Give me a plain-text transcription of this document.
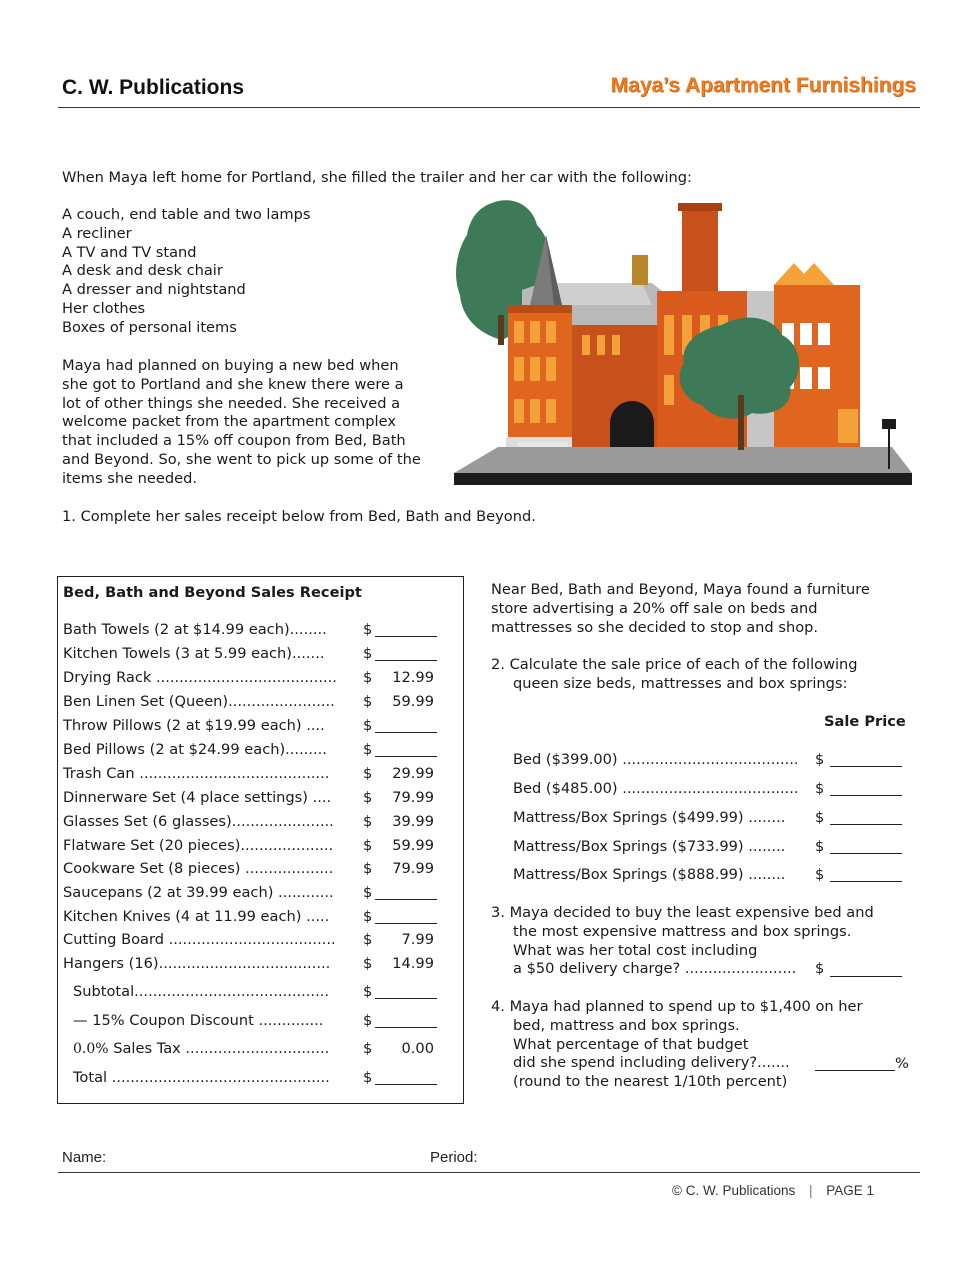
C. W. Publications	Maya’s Apartment Furnishings
When Maya left home for Portland, she filled the trailer and her car with the following:
A couch, end table and two lamps
A recliner
A TV and TV stand
A desk and desk chair
A dresser and nightstand
Her clothes
Boxes of personal items
Maya had planned on buying a new bed when
she got to Portland and she knew there were a
lot of other things she needed. She received a
welcome packet from the apartment complex
that included a 15% off coupon from Bed, Bath
and Beyond. So, she went to pick up some of the
items she needed.
1. Complete her sales receipt below from Bed, Bath and Beyond.
Bed, Bath and Beyond Sales Receipt
Bath Towels (2 at $14.99 each)........ $
Kitchen Towels (3 at 5.99 each).......	$
Drying Rack ....................................... $	12.99
Ben Linen Set (Queen)....................... $	59.99
Throw Pillows (2 at $19.99 each) ....	$
Bed Pillows (2 at $24.99 each)......... $
Trash Can ......................................... $	29.99
Dinnerware Set (4 place settings) .... $	79.99
Glasses Set (6 glasses)...................... $	39.99
Flatware Set (20 pieces).................... $	59.99
Cookware Set (8 pieces) ................... $	79.99
Saucepans (2 at 39.99 each) ............ $
Kitchen Knives (4 at 11.99 each) ..... $
Cutting Board .................................... $	7.99
Hangers (16)..................................... $	14.99
Subtotal.......................................... $
— 15% Coupon Discount ..............	$
0.0% Sales Tax ............................... $	0.00
Total ............................................... $
Near Bed, Bath and Beyond, Maya found a furniture
store advertising a 20% off sale on beds and
mattresses so she decided to stop and shop.
2. Calculate the sale price of each of the following
queen size beds, mattresses and box springs:
Sale Price
Bed ($399.00) ...................................... $
Bed ($485.00) ...................................... $
Mattress/Box Springs ($499.99) ........ $
Mattress/Box Springs ($733.99) ........ $
Mattress/Box Springs ($888.99) ........ $
3. Maya decided to buy the least expensive bed and
the most expensive mattress and box springs.
What was her total cost including
a $50 delivery charge? ........................	$
4. Maya had planned to spend up to $1,400 on her
bed, mattress and box springs.
What percentage of that budget
did she spend including delivery?.......
(round to the nearest 1/10th percent)
%
Name:	Period:
© C. W. Publications | PAGE 1
